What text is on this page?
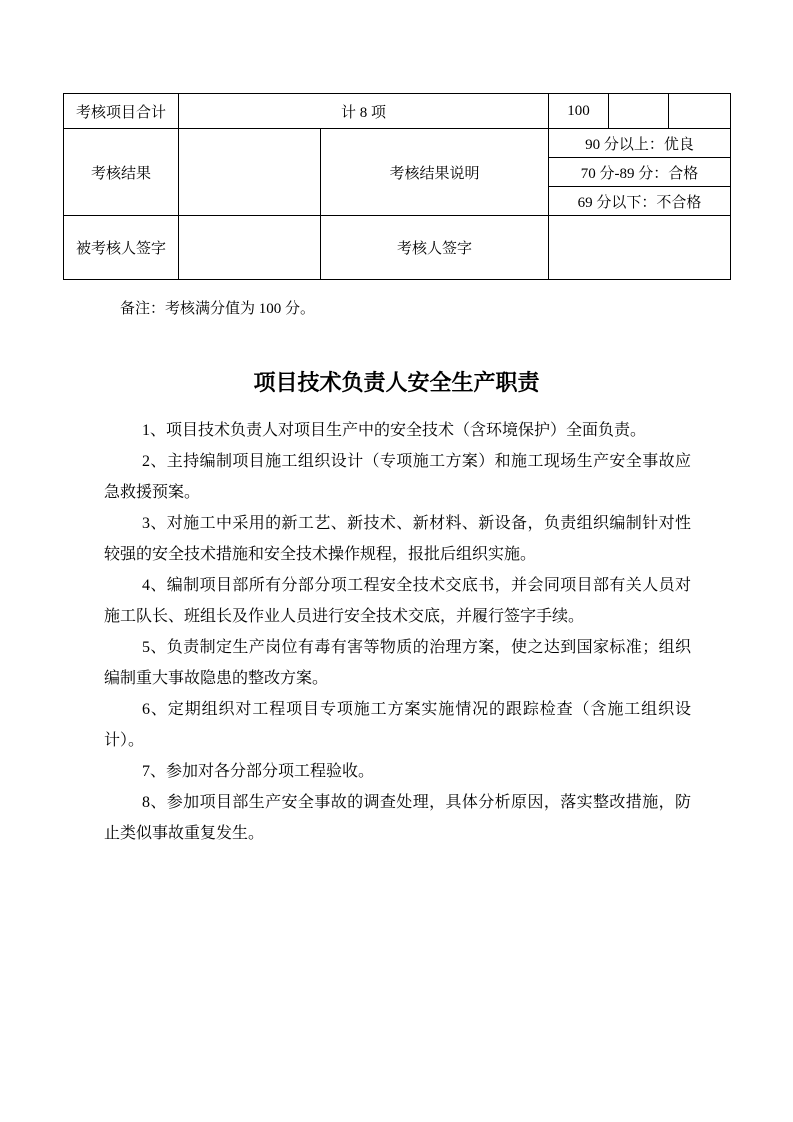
考核项目合计	计 8 项		100		
考核结果		考核结果说明	90 分以上：优良		
			70 分-89 分：合格		
			69 分以下：不合格		
被考核人签字		考核人签字			
备注：考核满分值为 100 分。
项目技术负责人安全生产职责

1、项目技术负责人对项目生产中的安全技术（含环境保护）全面负责。

2、主持编制项目施工组织设计（专项施工方案）和施工现场生产安全事故应急救援预案。

3、对施工中采用的新工艺、新技术、新材料、新设备，负责组织编制针对性较强的安全技术措施和安全技术操作规程，报批后组织实施。

4、编制项目部所有分部分项工程安全技术交底书，并会同项目部有关人员对施工队长、班组长及作业人员进行安全技术交底，并履行签字手续。

5、负责制定生产岗位有毒有害等物质的治理方案，使之达到国家标准；组织编制重大事故隐患的整改方案。

6、定期组织对工程项目专项施工方案实施情况的跟踪检查（含施工组织设计）。

7、参加对各分部分项工程验收。

8、参加项目部生产安全事故的调查处理，具体分析原因，落实整改措施，防止类似事故重复发生。
